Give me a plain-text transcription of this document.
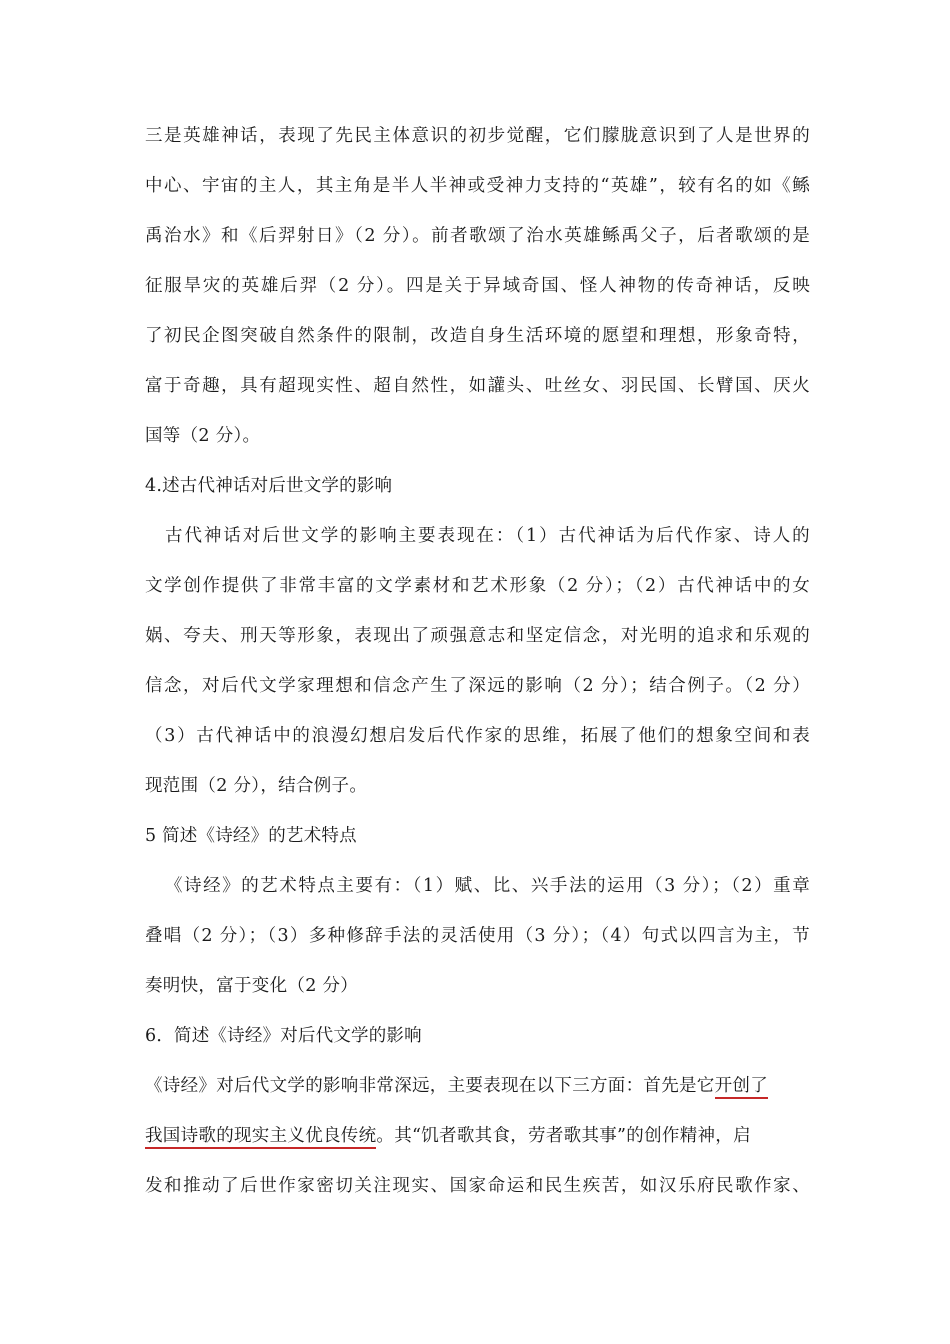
三是英雄神话，表现了先民主体意识的初步觉醒，它们朦胧意识到了人是世界的
中心、宇宙的主人，其主角是半人半神或受神力支持的“英雄”，较有名的如《鲧
禹治水》和《后羿射日》（2 分）。前者歌颂了治水英雄鲧禹父子，后者歌颂的是
征服旱灾的英雄后羿（2 分）。四是关于异域奇国、怪人神物的传奇神话，反映
了初民企图突破自然条件的限制，改造自身生活环境的愿望和理想，形象奇特，
富于奇趣，具有超现实性、超自然性，如讙头、吐丝女、羽民国、长臂国、厌火
国等（2 分）。
4.述古代神话对后世文学的影响
古代神话对后世文学的影响主要表现在：（1）古代神话为后代作家、诗人的
文学创作提供了非常丰富的文学素材和艺术形象（2 分）；（2）古代神话中的女
娲、夸夫、刑天等形象，表现出了顽强意志和坚定信念，对光明的追求和乐观的
信念，对后代文学家理想和信念产生了深远的影响（2 分）；结合例子。（2 分）
（3）古代神话中的浪漫幻想启发后代作家的思维，拓展了他们的想象空间和表
现范围（2 分），结合例子。
5 简述《诗经》的艺术特点
《诗经》的艺术特点主要有：（1）赋、比、兴手法的运用（3 分）；（2）重章
叠唱（2 分）；（3）多种修辞手法的灵活使用（3 分）；（4）句式以四言为主，节
奏明快，富于变化（2 分）
6．简述《诗经》对后代文学的影响
《诗经》对后代文学的影响非常深远，主要表现在以下三方面：首先是它开创了
我国诗歌的现实主义优良传统。其“饥者歌其食，劳者歌其事”的创作精神，启
发和推动了后世作家密切关注现实、国家命运和民生疾苦，如汉乐府民歌作家、
